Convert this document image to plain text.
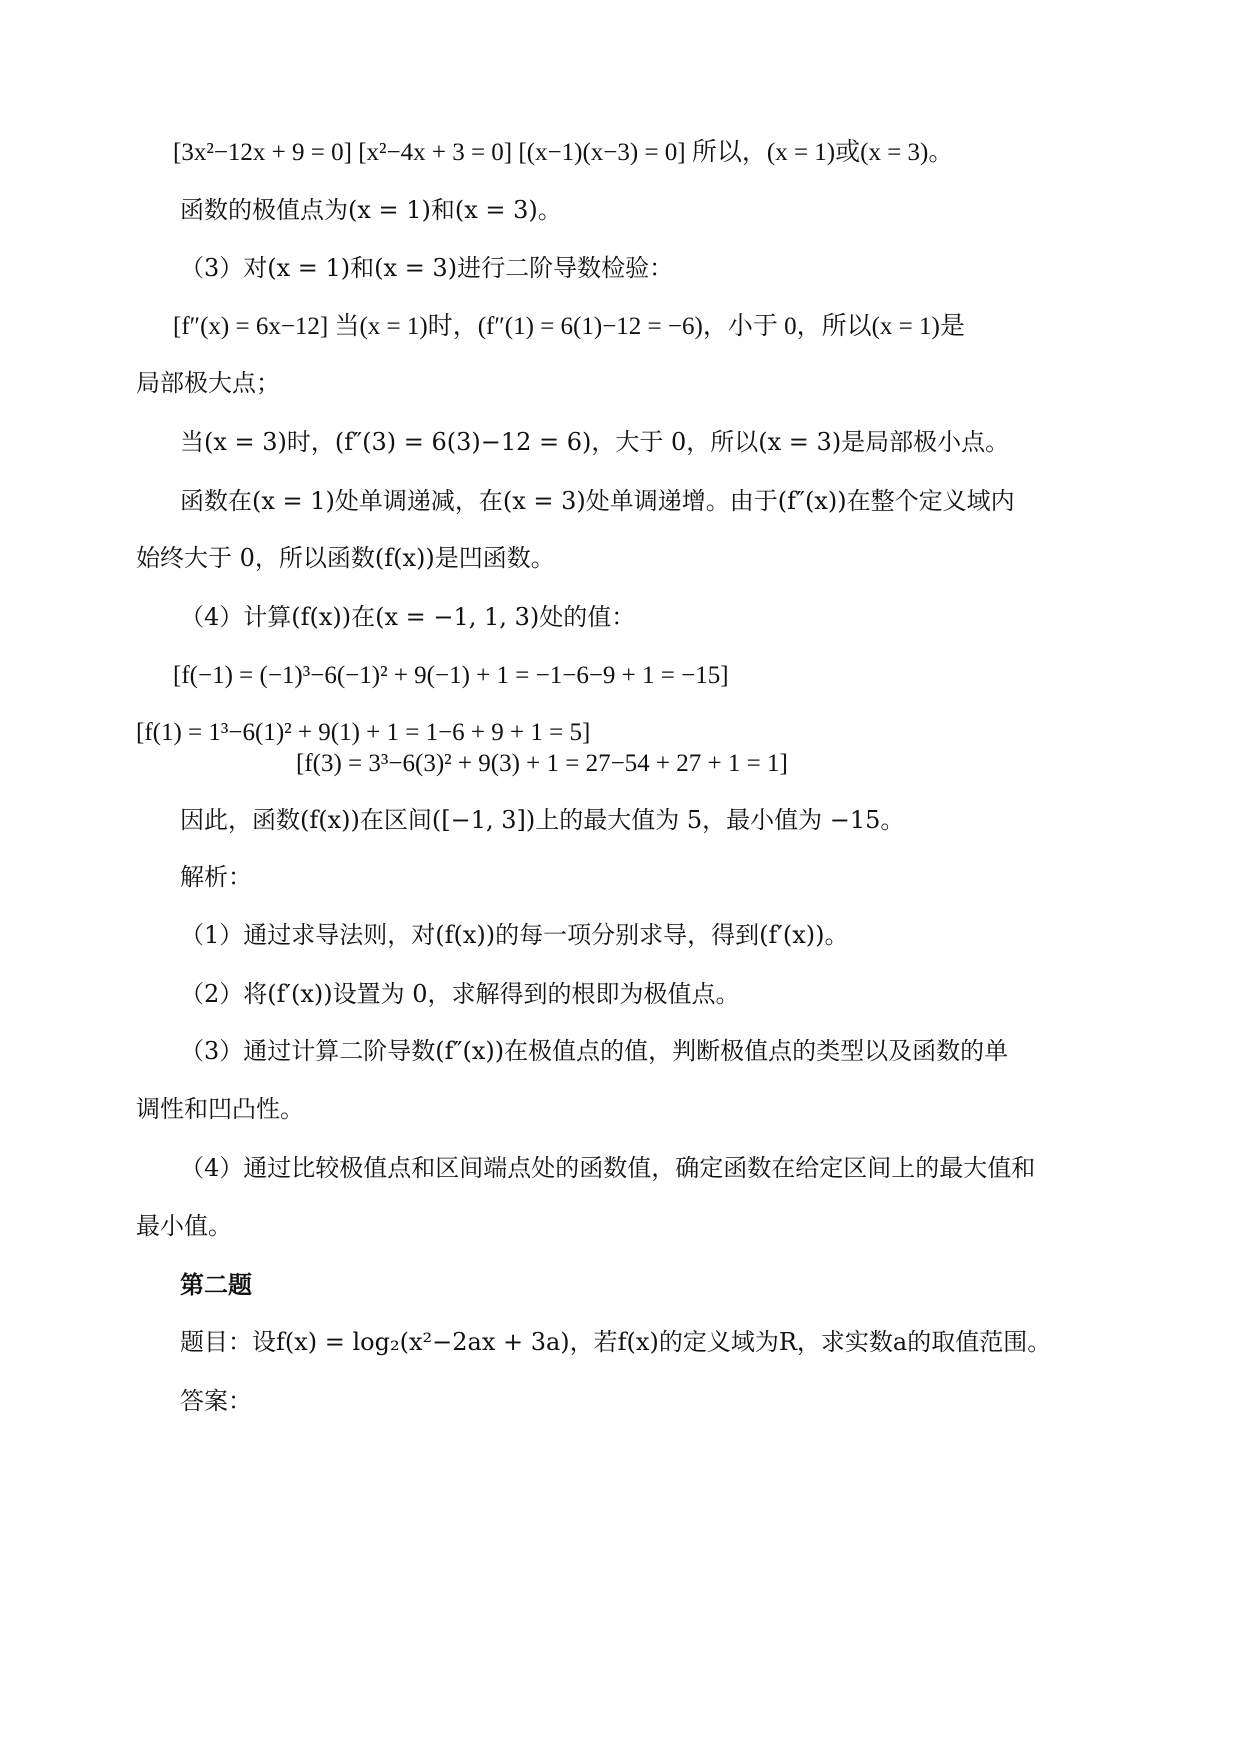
[3x²−12x + 9 = 0] [x²−4x + 3 = 0] [(x−1)(x−3) = 0] 所以，(x = 1)或(x = 3)。
函数的极值点为(x = 1)和(x = 3)。
（3）对(x = 1)和(x = 3)进行二阶导数检验：
[f″(x) = 6x−12] 当(x = 1)时，(f″(1) = 6(1)−12 = −6)，小于 0，所以(x = 1)是
局部极大点；
当(x = 3)时，(f″(3) = 6(3)−12 = 6)，大于 0，所以(x = 3)是局部极小点。
函数在(x = 1)处单调递减，在(x = 3)处单调递增。由于(f″(x))在整个定义域内
始终大于 0，所以函数(f(x))是凹函数。
（4）计算(f(x))在(x = −1, 1, 3)处的值：
[f(−1) = (−1)³−6(−1)² + 9(−1) + 1 = −1−6−9 + 1 = −15]
[f(1) = 1³−6(1)² + 9(1) + 1 = 1−6 + 9 + 1 = 5]
[f(3) = 3³−6(3)² + 9(3) + 1 = 27−54 + 27 + 1 = 1]
因此，函数(f(x))在区间([−1, 3])上的最大值为 5，最小值为 −15。
解析：
（1）通过求导法则，对(f(x))的每一项分别求导，得到(f′(x))。
（2）将(f′(x))设置为 0，求解得到的根即为极值点。
（3）通过计算二阶导数(f″(x))在极值点的值，判断极值点的类型以及函数的单
调性和凹凸性。
（4）通过比较极值点和区间端点处的函数值，确定函数在给定区间上的最大值和
最小值。
第二题
题目：设f(x) = log₂(x²−2ax + 3a)，若f(x)的定义域为R，求实数a的取值范围。
答案：
